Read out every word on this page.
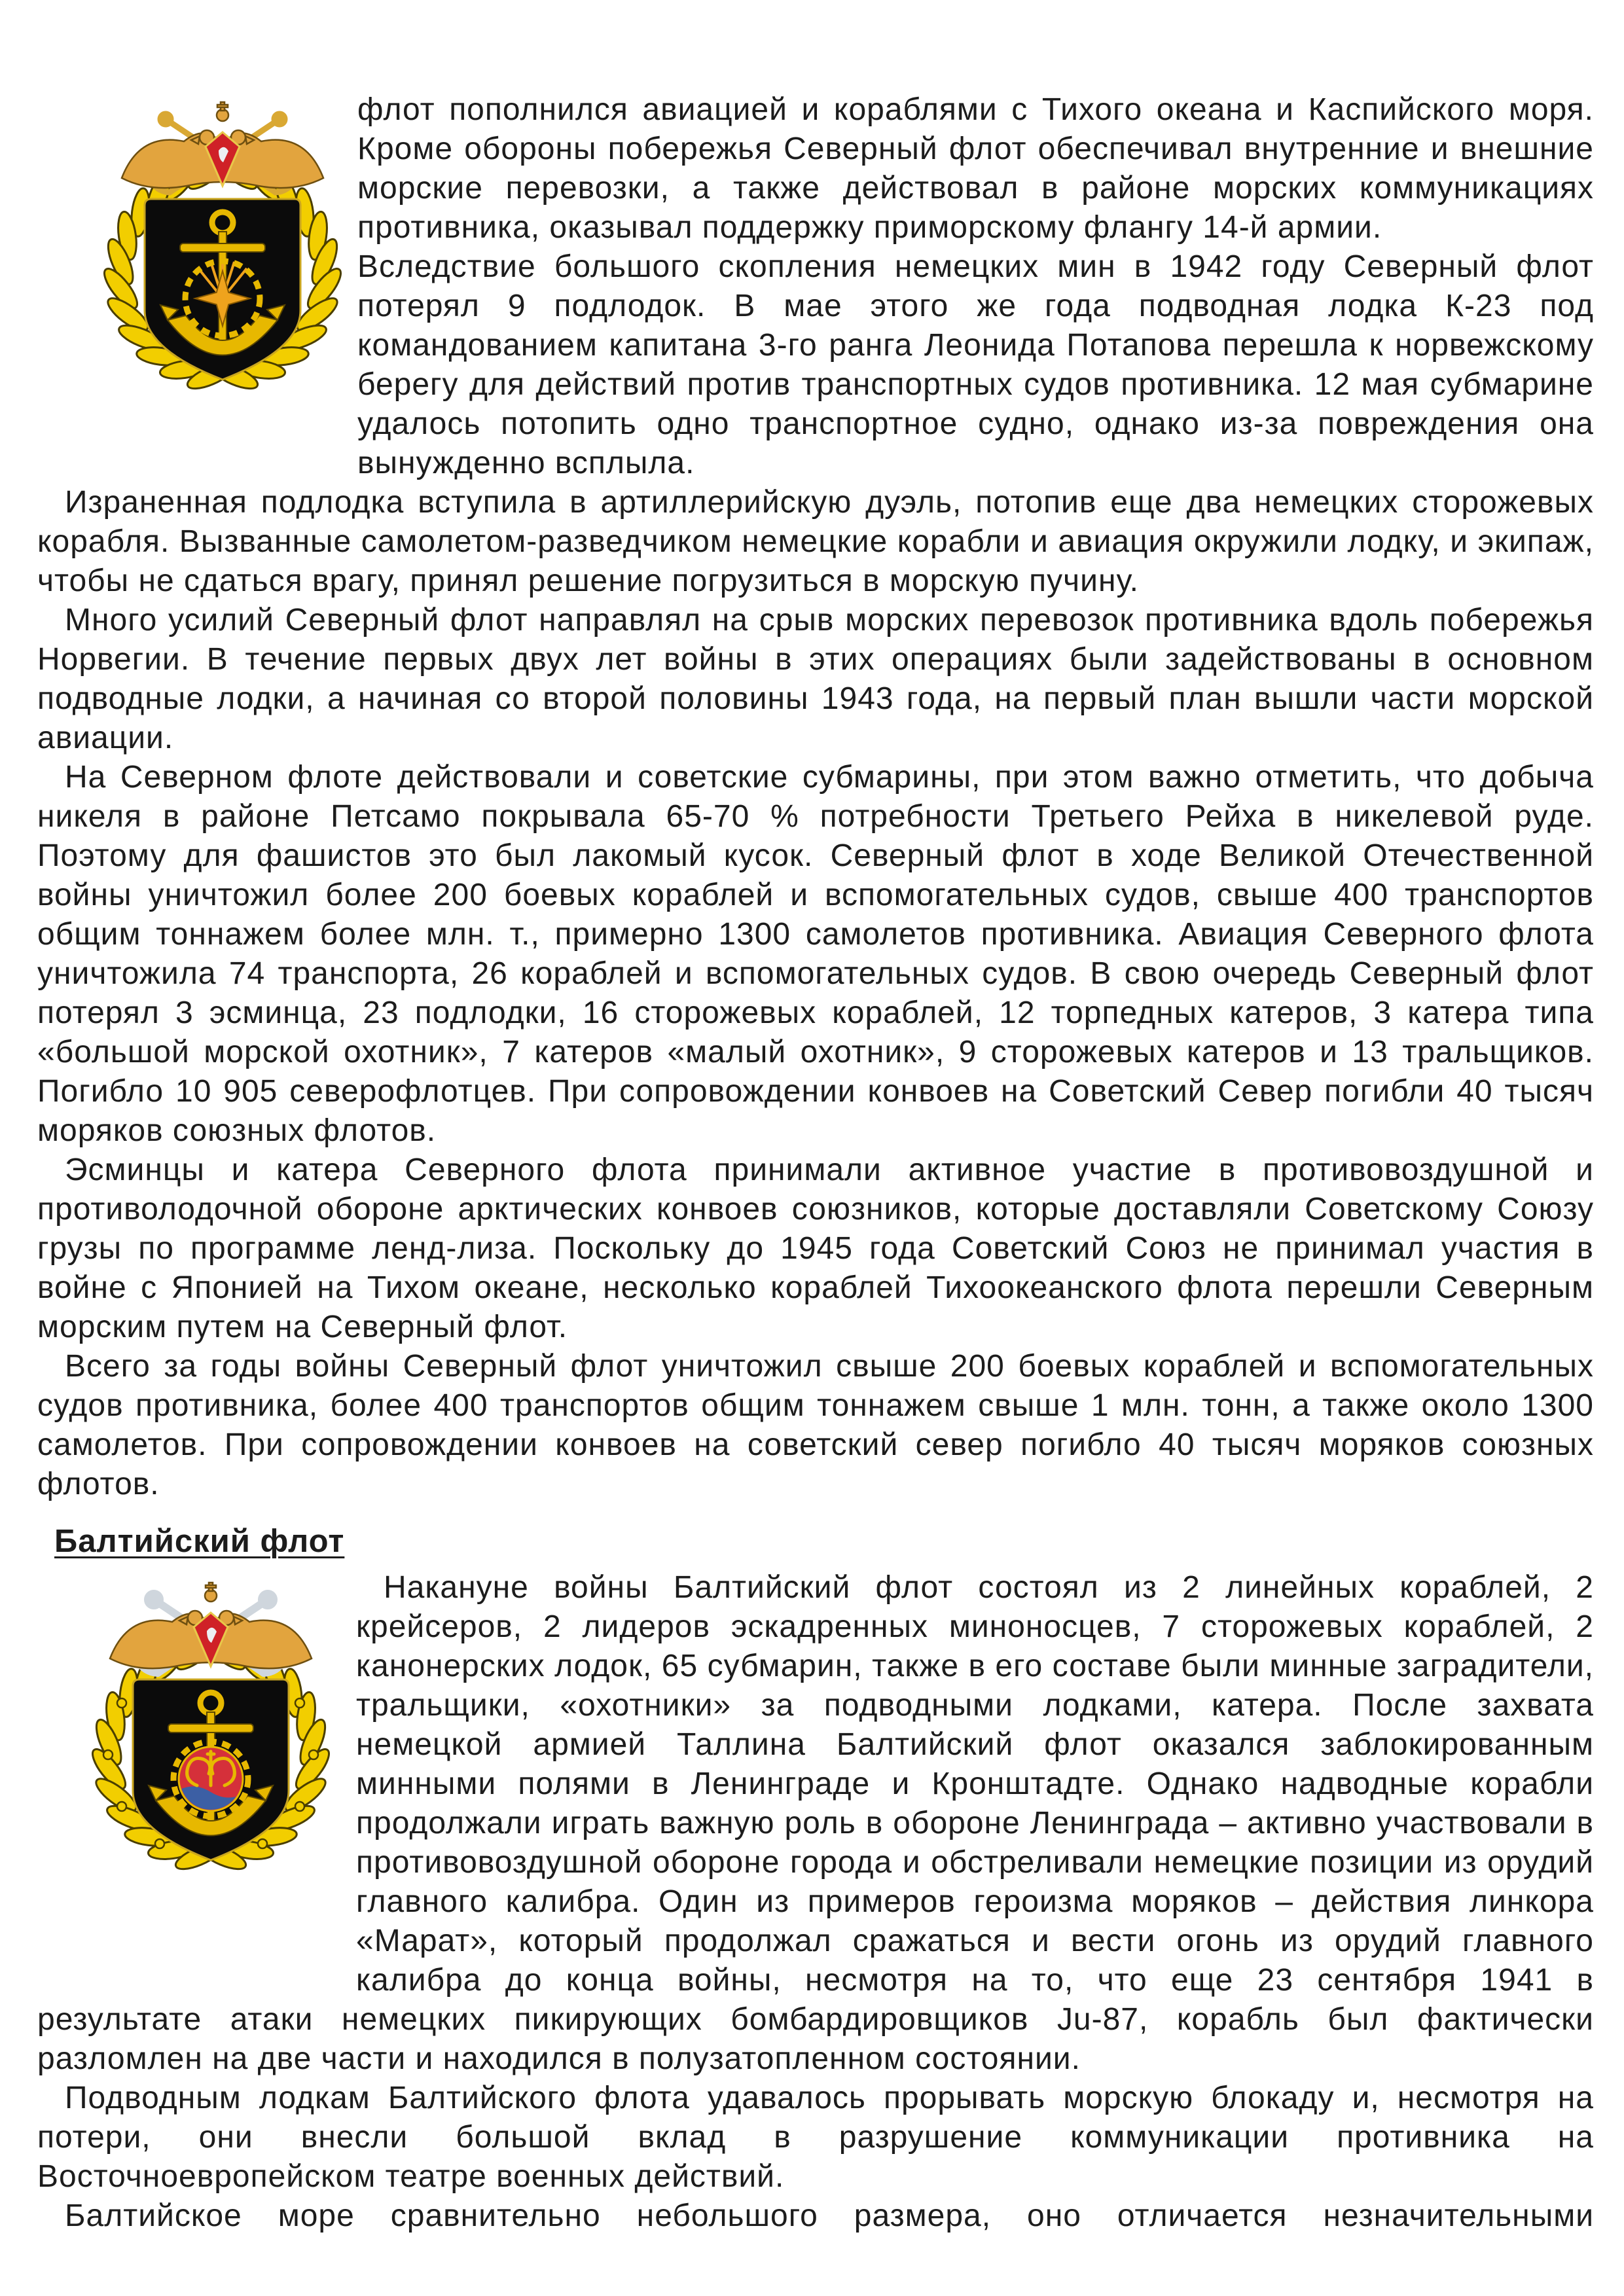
флот пополнился авиацией и кораблями с Тихого океана и Каспийского моря. Кроме обороны побережья Северный флот обеспечивал внутренние и внешние морские перевозки, а также действовал в районе морских коммуникациях противника, оказывал поддержку приморскому флангу 14-й армии.

Вследствие большого скопления немецких мин в 1942 году Северный флот потерял 9 подлодок. В мае этого же года подводная лодка К-23 под командованием капитана 3-го ранга Леонида Потапова перешла к норвежскому берегу для действий против транспортных судов противника. 12 мая субмарине удалось потопить одно транспортное судно, однако из-за повреждения она вынужденно всплыла.

Израненная подлодка вступила в артиллерийскую дуэль, потопив еще два немецких сторожевых корабля. Вызванные самолетом-разведчиком немецкие корабли и авиация окружили лодку, и экипаж, чтобы не сдаться врагу, принял решение погрузиться в морскую пучину.

Много усилий Северный флот направлял на срыв морских перевозок противника вдоль побережья Норвегии. В течение первых двух лет войны в этих операциях были задействованы в основном подводные лодки, а начиная со второй половины 1943 года, на первый план вышли части морской авиации.

На Северном флоте действовали и советские субмарины, при этом важно отметить, что добыча никеля в районе Петсамо покрывала 65-70 % потребности Третьего Рейха в никелевой руде. Поэтому для фашистов это был лакомый кусок. Северный флот в ходе Великой Отечественной войны уничтожил более 200 боевых кораблей и вспомогательных судов, свыше 400 транспортов общим тоннажем более млн. т., примерно 1300 самолетов противника. Авиация Северного флота уничтожила 74 транспорта, 26 кораблей и вспомогательных судов. В свою очередь Северный флот потерял 3 эсминца, 23 подлодки, 16 сторожевых кораблей, 12 торпедных катеров, 3 катера типа «большой морской охотник», 7 катеров «малый охотник», 9 сторожевых катеров и 13 тральщиков. Погибло 10 905 северофлотцев. При сопровождении конвоев на Советский Север погибли 40 тысяч моряков союзных флотов.

Эсминцы и катера Северного флота принимали активное участие в противовоздушной и противолодочной обороне арктических конвоев союзников, которые доставляли Советскому Союзу грузы по программе ленд-лиза. Поскольку до 1945 года Советский Союз не принимал участия в войне с Японией на Тихом океане, несколько кораблей Тихоокеанского флота перешли Северным морским путем на Северный флот.

Всего за годы войны Северный флот уничтожил свыше 200 боевых кораблей и вспомогательных судов противника, более 400 транспортов общим тоннажем свыше 1 млн. тонн, а также около 1300 самолетов. При сопровождении конвоев на советский север погибло 40 тысяч моряков союзных флотов.

Балтийский флот

Накануне войны Балтийский флот состоял из 2 линейных кораблей, 2 крейсеров, 2 лидеров эскадренных миноносцев, 7 сторожевых кораблей, 2 канонерских лодок, 65 субмарин, также в его составе были минные заградители, тральщики, «охотники» за подводными лодками, катера. После захвата немецкой армией Таллина Балтийский флот оказался заблокированным минными полями в Ленинграде и Кронштадте. Однако надводные корабли продолжали играть важную роль в обороне Ленинграда – активно участвовали в противовоздушной обороне города и обстреливали немецкие позиции из орудий главного калибра. Один из примеров героизма моряков – действия линкора «Марат», который продолжал сражаться и вести огонь из орудий главного калибра до конца войны, несмотря на то, что еще 23 сентября 1941 в результате атаки немецких пикирующих бомбардировщиков Ju-87, корабль был фактически разломлен на две части и находился в полузатопленном состоянии.

Подводным лодкам Балтийского флота удавалось прорывать морскую блокаду и, несмотря на потери, они внесли большой вклад в разрушение коммуникации противника на Восточноевропейском театре военных действий.

Балтийское море сравнительно небольшого размера, оно отличается незначительными
